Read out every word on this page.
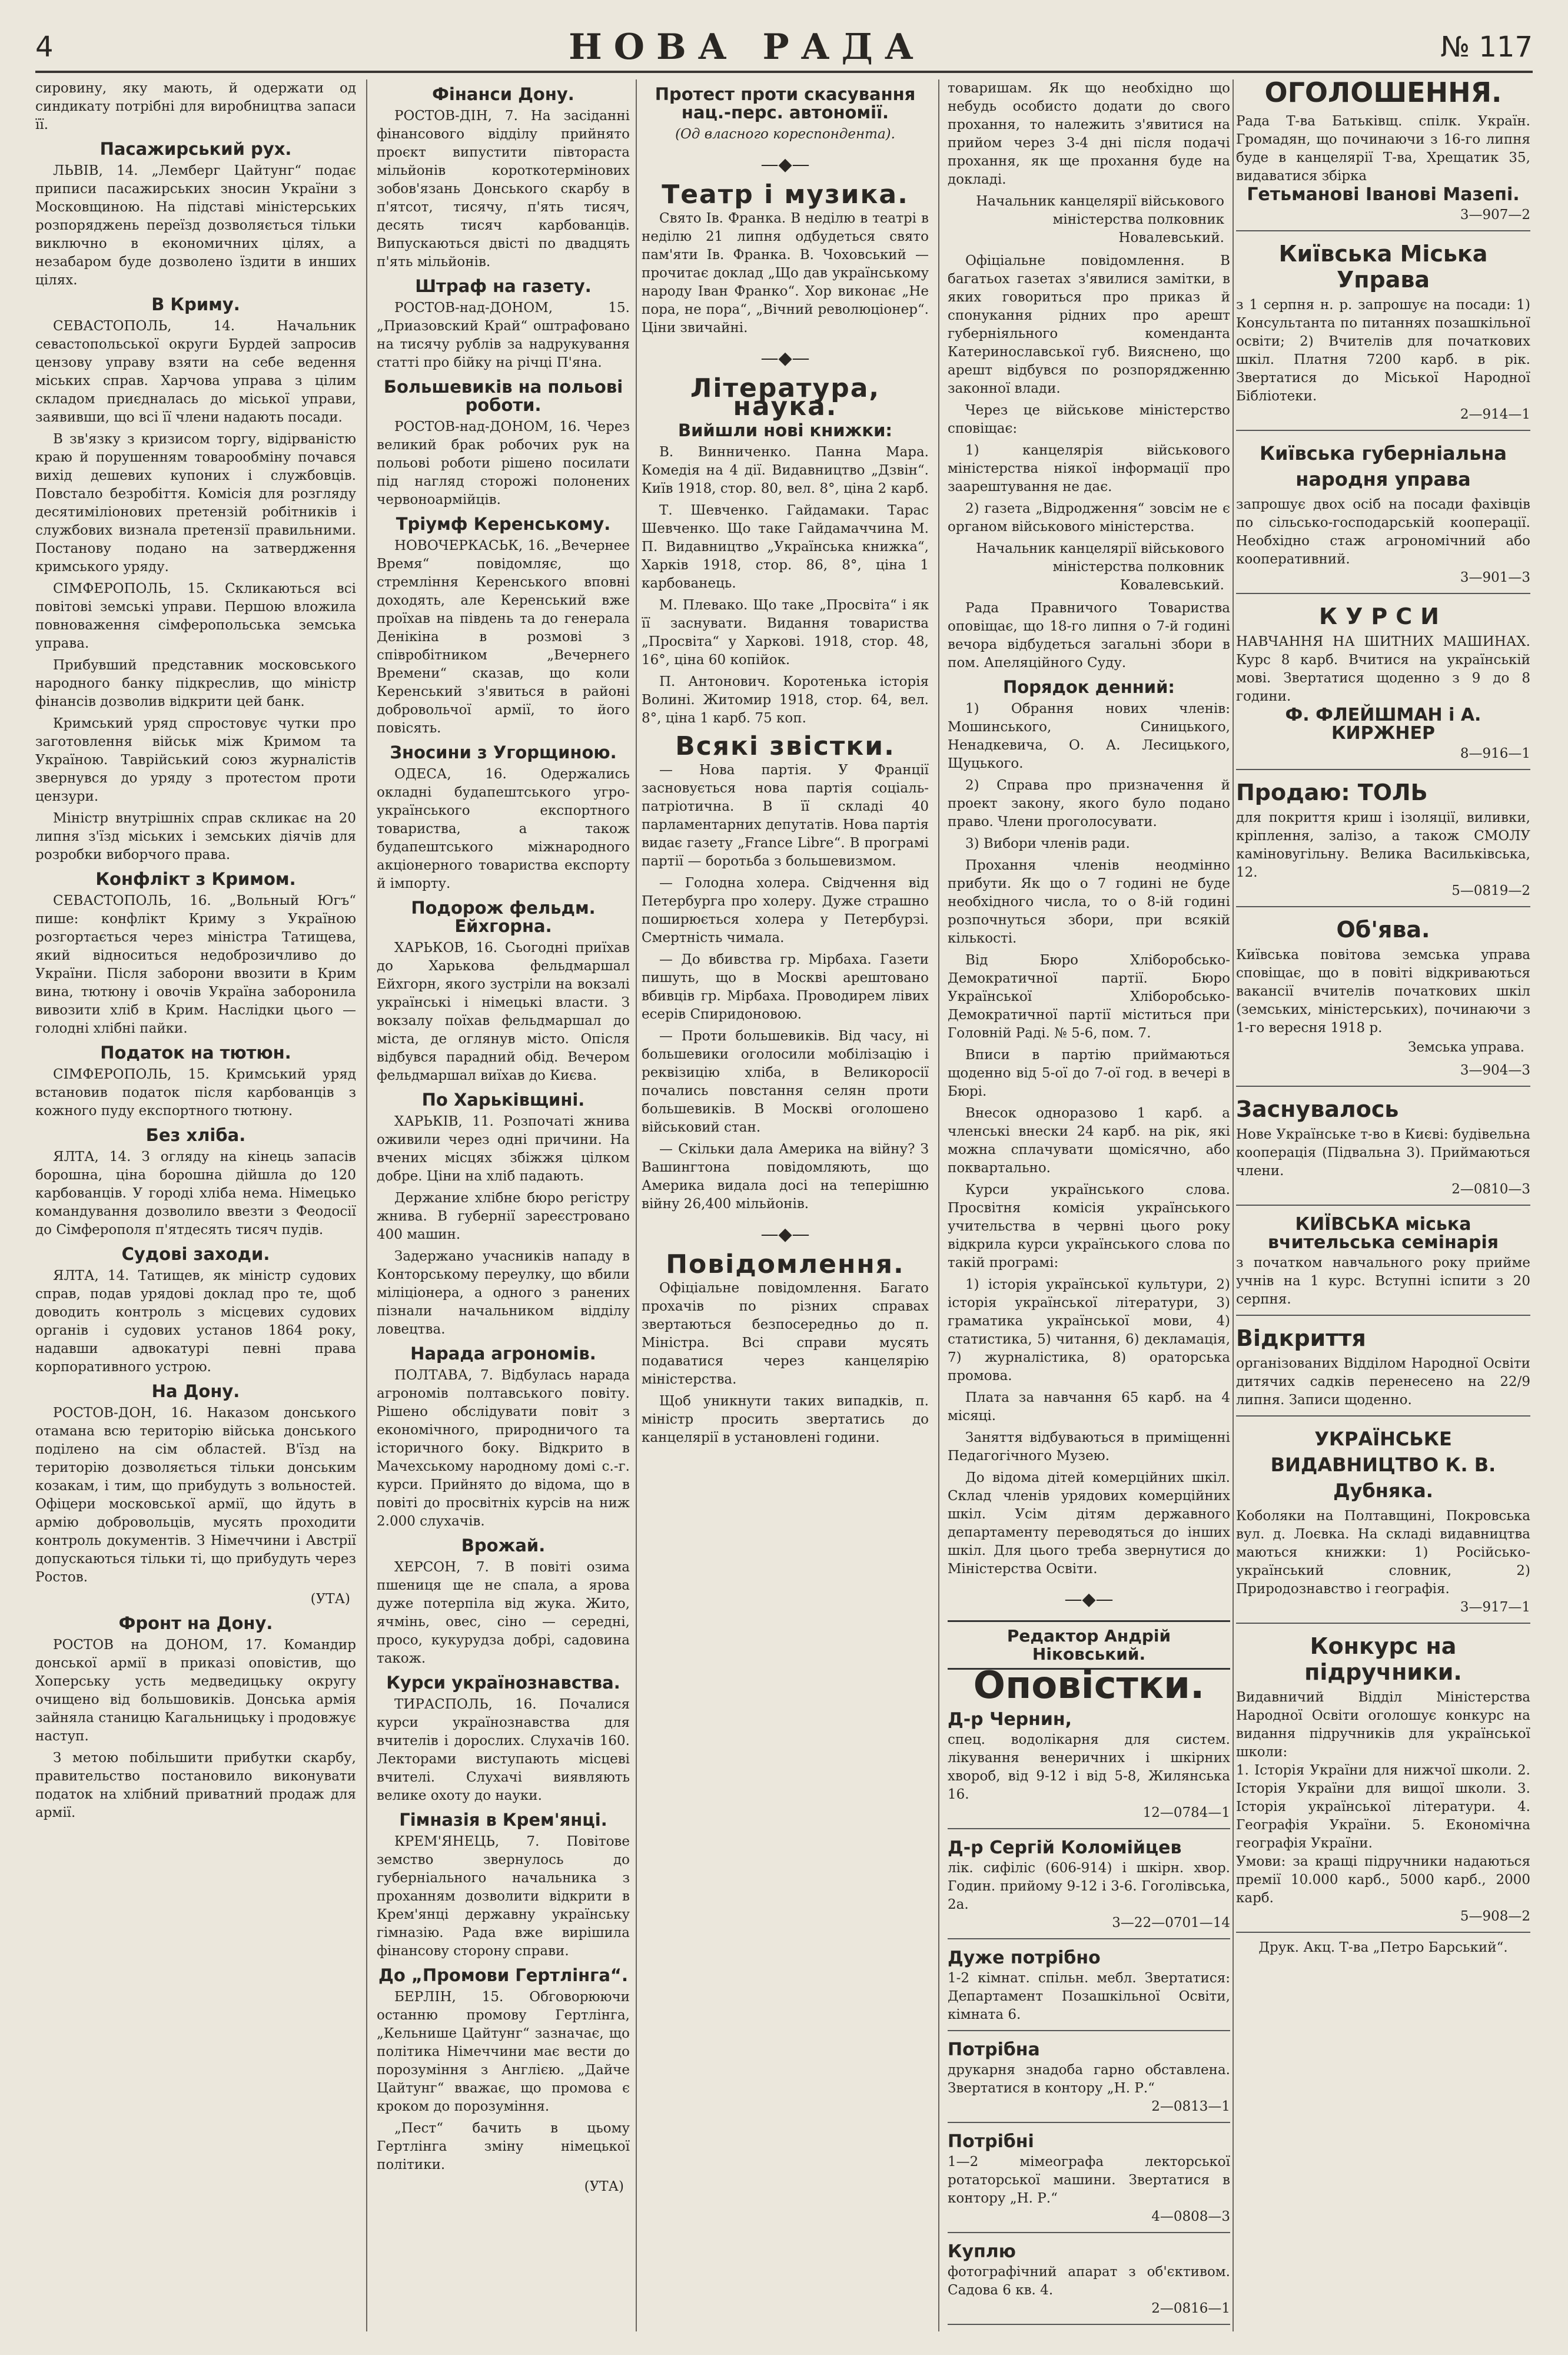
4	НОВА РАДА	№ 117

сировину, яку мають, й одержати од синдикату потрібні для виробництва запаси її.

Пасажирський рух.

ЛЬВІВ, 14. „Лемберг Цайтунг“ подає приписи пасажирських зносин України з Московщиною. На підставі міністерських розпоряджень переїзд дозволяється тільки виключно в економичних цілях, а незабаром буде дозволено їздити в инших цілях.

В Криму.

СЕВАСТОПОЛЬ, 14. Начальник севастопольської округи Бурдей запросив цензову управу взяти на себе ведення міських справ. Харчова управа з цілим складом приєдналась до міської управи, заявивши, що всі її члени надають посади.

В зв'язку з кризисом торгу, відірваністю краю й порушенням товарообміну почався вихід дешевих купоних і службовців. Повстало безробіття. Комісія для розгляду десятиміліонових претензій робітників і службових визнала претензії правильними. Постанову подано на затвердження кримського уряду.

СІМФЕРОПОЛЬ, 15. Скликаються всі повітові земські управи. Першою вложила повноваження сімферопольська земська управа.

Прибувший представник московського народного банку підкреслив, що міністр фінансів дозволив відкрити цей банк.

Кримський уряд спростовує чутки про заготовлення військ між Кримом та Україною. Таврійський союз журналістів звернувся до уряду з протестом проти цензури.

Міністр внутрішніх справ скликає на 20 липня з'їзд міських і земських діячів для розробки виборчого права.

Конфлікт з Кримом.

СЕВАСТОПОЛЬ, 16. „Вольный Югъ“ пише: конфлікт Криму з Україною розгортається через міністра Татищева, який відноситься недоброзичливо до України. Після заборони ввозити в Крим вина, тютюну і овочів Україна заборонила вивозити хліб в Крим. Наслідки цього — голодні хлібні пайки.

Податок на тютюн.

СІМФЕРОПОЛЬ, 15. Кримський уряд встановив податок після карбованців з кожного пуду експортного тютюну.

Без хліба.

ЯЛТА, 14. З огляду на кінець запасів борошна, ціна борошна дійшла до 120 карбованців. У городі хліба нема. Німецько командування дозволило ввезти з Феодосії до Сімферополя п'ятдесять тисяч пудів.

Судові заходи.

ЯЛТА, 14. Татищев, як міністр судових справ, подав урядові доклад про те, щоб доводить контроль з місцевих судових органів і судових установ 1864 року, надавши адвокатурі певні права корпоративного устрою.

На Дону.

РОСТОВ-ДОН, 16. Наказом донського отамана всю територію війська донського поділено на сім областей. В'їзд на територію дозволяється тільки донським козакам, і тим, що прибудуть з вольностей. Офіцери московської армії, що йдуть в армію добровольців, мусять проходити контроль документів. З Німеччини і Австрії допускаються тільки ті, що прибудуть через Ростов.

(УТА)
Фронт на Дону.

РОСТОВ на ДОНОМ, 17. Командир донської армії в приказі оповістив, що Хоперську усть медведицьку округу очищено від большовиків. Донська армія зайняла станицю Кагальницьку і продовжує наступ.

З метою побільшити прибутки скарбу, правительство постановило виконувати податок на хлібний приватний продаж для армії.

Фінанси Дону.

РОСТОВ-ДІН, 7. На засіданні фінансового відділу прийнято проєкт випустити півтораста мільйонів короткотермінових зобов'язань Донського скарбу в п'ятсот, тисячу, п'ять тисяч, десять тисяч карбованців. Випускаються двісті по двадцять п'ять мільйонів.

Штраф на газету.

РОСТОВ-над-ДОНОМ, 15. „Приазовский Край“ оштрафовано на тисячу рублів за надрукування статті про бійку на річці П'яна.

Большевиків на польові роботи.

РОСТОВ-над-ДОНОМ, 16. Через великий брак робочих рук на польові роботи рішено посилати під нагляд сторожі полонених червоноармійців.

Тріумф Керенському.

НОВОЧЕРКАСЬК, 16. „Вечернее Время“ повідомляє, що стремління Керенського вповні доходять, але Керенський вже проїхав на південь та до генерала Денікіна в розмові з співробітником „Вечернего Времени“ сказав, що коли Керенський з'явиться в районі добровольчої армії, то його повісять.

Зносини з Угорщиною.

ОДЕСА, 16. Одержались окладні будапештського угро-українського експортного товариства, а також будапештського міжнародного акціонерного товариства експорту й імпорту.

Подорож фельдм. Ейхгорна.

ХАРЬКОВ, 16. Сьогодні приїхав до Харькова фельдмаршал Ейхгорн, якого зустріли на вокзалі українські і німецькі власти. З вокзалу поїхав фельдмаршал до міста, де оглянув місто. Опісля відбувся парадний обід. Вечером фельдмаршал виїхав до Києва.

По Харьківщині.

ХАРЬКІВ, 11. Розпочаті жнива оживили через одні причини. На вчених місцях збіжжя цілком добре. Ціни на хліб падають.

Держание хлібне бюро регістру жнива. В губернії зареєстровано 400 машин.

Задержано учасників нападу в Конторському переулку, що вбили міліціонера, а одного з ранених пізнали начальником відділу ловецтва.

Нарада агрономів.

ПОЛТАВА, 7. Відбулась нарада агрономів полтавського повіту. Рішено обслідувати повіт з економічного, природничого та історичного боку. Відкрито в Мачехському народному домі с.-г. курси. Прийнято до відома, що в повіті до просвітніх курсів на ниж 2.000 слухачів.

Врожай.

ХЕРСОН, 7. В повіті озима пшениця ще не спала, а ярова дуже потерпіла від жука. Жито, ячмінь, овес, сіно — середні, просо, кукурудза добрі, садовина також.

Курси українознавства.

ТИРАСПОЛЬ, 16. Почалися курси українознавства для вчителів і дорослих. Слухачів 160. Лекторами виступають місцеві вчителі. Слухачі виявляють велике охоту до науки.

Гімназія в Крем'янці.

КРЕМ'ЯНЕЦЬ, 7. Повітове земство звернулось до губерніального начальника з проханням дозволити відкрити в Крем'янці державну українську гімназію. Рада вже вирішила фінансову сторону справи.

До „Промови Гертлінга“.

БЕРЛІН, 15. Обговорюючи останню промову Гертлінга, „Кельнише Цайтунг“ зазначає, що політика Німеччини має вести до порозуміння з Англією. „Дайче Цайтунг“ вважає, що промова є кроком до порозуміння.

„Пест“ бачить в цьому Гертлінга зміну німецької політики.

(УТА)
Протест проти скасування нац.-перс. автономії.
(Од власного кореспондента).
—◆—
Театр і музика.

Свято Ів. Франка. В неділю в театрі в неділю 21 липня одбудеться свято пам'яти Ів. Франка. В. Чоховський — прочитає доклад „Що дав українському народу Іван Франко“. Хор виконає „Не пора, не пора“, „Вічний революціонер“. Ціни звичайні.

—◆—
Література, наука.
Вийшли нові книжки:

В. Винниченко. Панна Мара. Комедія на 4 дії. Видавництво „Дзвін“. Київ 1918, стор. 80, вел. 8°, ціна 2 карб.

Т. Шевченко. Гайдамаки. Тарас Шевченко. Що таке Гайдамаччина М. П. Видавництво „Українська книжка“, Харків 1918, стор. 86, 8°, ціна 1 карбованець.

М. Плевако. Що таке „Просвіта“ і як її заснувати. Видання товариства „Просвіта“ у Харкові. 1918, стор. 48, 16°, ціна 60 копійок.

П. Антонович. Коротенька історія Волині. Житомир 1918, стор. 64, вел. 8°, ціна 1 карб. 75 коп.

Всякі звістки.

— Нова партія. У Франції засновується нова партія соціаль-патріотична. В її складі 40 парламентарних депутатів. Нова партія видає газету „France Libre“. В програмі партії — боротьба з большевизмом.

— Голодна холера. Свідчення від Петербурга про холеру. Дуже страшно поширюється холера у Петербурзі. Смертність чимала.

— До вбивства гр. Мірбаха. Газети пишуть, що в Москві арештовано вбивців гр. Мірбаха. Проводирем лівих есерів Спиридоновою.

— Проти большевиків. Від часу, ні большевики оголосили мобілізацію і реквізицію хліба, в Великоросії почались повстання селян проти большевиків. В Москві оголошено військовий стан.

— Скільки дала Америка на війну? З Вашингтона повідомляють, що Америка видала досі на теперішню війну 26,400 мільйонів.

—◆—
Повідомлення.

Офіціальне повідомлення. Багато прохачів по різних справах звертаються безпосередньо до п. Міністра. Всі справи мусять подаватися через канцелярію міністерства.

Щоб уникнути таких випадків, п. міністр просить звертатись до канцелярії в установлені години.

товаришам. Як що необхідно що небудь особисто додати до свого прохання, то належить з'явитися на прийом через 3-4 дні після подачі прохання, як ще прохання буде на докладі.

Начальник канцелярії військового міністерства полковник Новалевський.

Офіціальне повідомлення. В багатьох газетах з'явилися замітки, в яких говориться про приказ й спонукання рідних про арешт губерніяльного коменданта Катеринославської губ. Вияснено, що арешт відбувся по розпорядженню законної влади.

Через це військове міністерство сповіщає:

1) канцелярія військового міністерства ніякої інформації про заарештування не дає.

2) газета „Відродження“ зовсім не є органом військового міністерства.

Начальник канцелярії військового міністерства полковник Ковалевський.

Рада Правничого Товариства оповіщає, що 18-го липня о 7-й годині вечора відбудеться загальні збори в пом. Апеляційного Суду.

Порядок денний:

1) Обрання нових членів: Мошинського, Синицького, Ненадкевича, О. А. Лесицького, Щуцького.

2) Справа про призначення й проект закону, якого було подано право. Члени проголосувати.

3) Вибори членів ради.

Прохання членів неодмінно прибути. Як що о 7 годині не буде необхідного числа, то о 8-ій годині розпочнуться збори, при всякій кількості.

Від Бюро Хліборобсько-Демократичної партії. Бюро Української Хліборобсько-Демократичної партії міститься при Головній Раді. № 5-6, пом. 7.

Вписи в партію приймаються щоденно від 5-ої до 7-ої год. в вечері в Бюрі.

Внесок одноразово 1 карб. а членські внески 24 карб. на рік, які можна сплачувати щомісячно, або поквартально.

Курси українського слова. Просвітня комісія українського учительства в червні цього року відкрила курси українського слова по такій програмі:

1) історія української культури, 2) історія української літератури, 3) граматика української мови, 4) статистика, 5) читання, 6) декламація, 7) журналістика, 8) ораторська промова.

Плата за навчання 65 карб. на 4 місяці.

Заняття відбуваються в приміщенні Педагогічного Музею.

До відома дітей комерційних шкіл. Склад членів урядових комерційних шкіл. Усім дітям державного департаменту переводяться до інших шкіл. Для цього треба звернутися до Міністерства Освіти.

—◆—
Редактор Андрій Ніковський.
Оповістки.
Д-р Чернин,
спец. водолікарня для систем. лікування венеричних і шкірних хвороб, від 9-12 і від 5-8, Жилянська 16.
12—0784—1
Д-р Сергій Коломійцев
лік. сифіліс (606-914) і шкірн. хвор. Годин. прийому 9-12 і 3-6. Гоголівська, 2а.
3—22—0701—14
Дуже потрібно
1-2 кімнат. спільн. мебл. Звертатися: Департамент Позашкільної Освіти, кімната 6.
Потрібна
друкарня знадоба гарно обставлена. Звертатися в контору „Н. Р.“
2—0813—1
Потрібні
1—2 мімеографа лекторської ротаторської машини. Звертатися в контору „Н. Р.“
4—0808—3
Куплю
фотографічний апарат з об'єктивом. Садова 6 кв. 4.
2—0816—1
ОГОЛОШЕННЯ.
Рада Т-ва Батьківщ. спілк. Україн. Громадян, що починаючи з 16-го липня буде в канцелярії Т-ва, Хрещатик 35, видаватися збірка
Гетьманові Іванові Мазепі.
3—907—2
Київська Міська Управа
з 1 серпня н. р. запрошує на посади: 1) Консультанта по питаннях позашкільної освіти; 2) Вчителів для початкових шкіл. Платня 7200 карб. в рік. Звертатися до Міської Народної Бібліотеки.
2—914—1
Київська губерніальна народня управа
запрошує двох осіб на посади фахівців по сільсько-господарській кооперації. Необхідно стаж агрономічний або кооперативний.
3—901—3
КУРСИ
НАВЧАННЯ НА ШИТНИХ МАШИНАХ. Курс 8 карб. Вчитися на українській мові. Звертатися щоденно з 9 до 8 години.
Ф. ФЛЕЙШМАН і А. КИРЖНЕР
8—916—1
Продаю: ТОЛЬ
для покриття криш і ізоляції, виливки, кріплення, залізо, а також СМОЛУ каміновугільну. Велика Васильківська, 12.
5—0819—2
Об'ява.
Київська повітова земська управа сповіщає, що в повіті відкриваються вакансії вчителів початкових шкіл (земських, міністерських), починаючи з 1-го вересня 1918 р.
Земська управа.
3—904—3
Заснувалось
Нове Українське т-во в Києві: будівельна кооперація (Підвальна 3). Приймаються члени.
2—0810—3
КИЇВСЬКА міська вчительська семінарія
з початком навчального року прийме учнів на 1 курс. Вступні іспити з 20 серпня.
Відкриття
організованих Відділом Народної Освіти дитячих садків перенесено на 22/9 липня. Записи щоденно.
УКРАЇНСЬКЕ ВИДАВНИЦТВО К. В. Дубняка.
Коболяки на Полтавщині, Покровська вул. д. Лоєвка. На складі видавництва маються книжки: 1) Російсько-український словник, 2) Природознавство і географія.
3—917—1
Конкурс на підручники.
Видавничий Відділ Міністерства Народної Освіти оголошує конкурс на видання підручників для української школи:
1. Історія України для нижчої школи. 2. Історія України для вищої школи. 3. Історія української літератури. 4. Географія України. 5. Економічна географія України.
Умови: за кращі підручники надаються премії 10.000 карб., 5000 карб., 2000 карб.
5—908—2
Друк. Акц. Т-ва „Петро Барський“.
